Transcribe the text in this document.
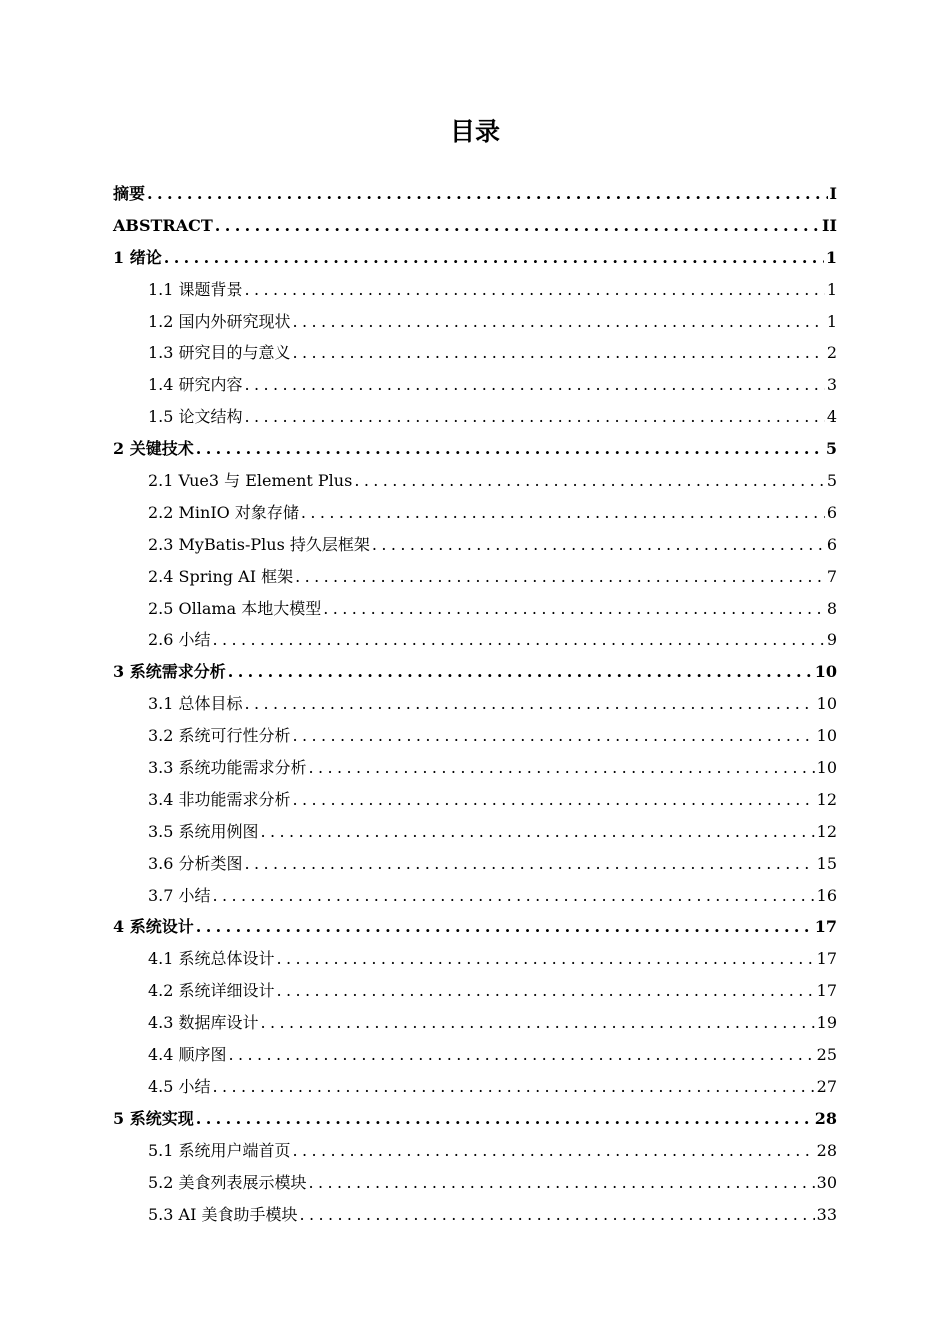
目录
摘要 .....	I
ABSTRACT .....	II
1 绪论 .....	1
1.1 课题背景 .....	1
1.2 国内外研究现状 .....	1
1.3 研究目的与意义 .....	2
1.4 研究内容 .....	3
1.5 论文结构 .....	4
2 关键技术 .....	5
2.1 Vue3 与 Element Plus .....	5
2.2 MinIO 对象存储 .....	6
2.3 MyBatis-Plus 持久层框架 .....	6
2.4 Spring AI 框架 .....	7
2.5 Ollama 本地大模型 .....	8
2.6 小结 .....	9
3 系统需求分析 .....	10
3.1 总体目标 .....	10
3.2 系统可行性分析 .....	10
3.3 系统功能需求分析 .....	10
3.4 非功能需求分析 .....	12
3.5 系统用例图 .....	12
3.6 分析类图 .....	15
3.7 小结 .....	16
4 系统设计 .....	17
4.1 系统总体设计 .....	17
4.2 系统详细设计 .....	17
4.3 数据库设计 .....	19
4.4 顺序图 .....	25
4.5 小结 .....	27
5 系统实现 .....	28
5.1 系统用户端首页 .....	28
5.2 美食列表展示模块 .....	30
5.3 AI 美食助手模块 .....	33
